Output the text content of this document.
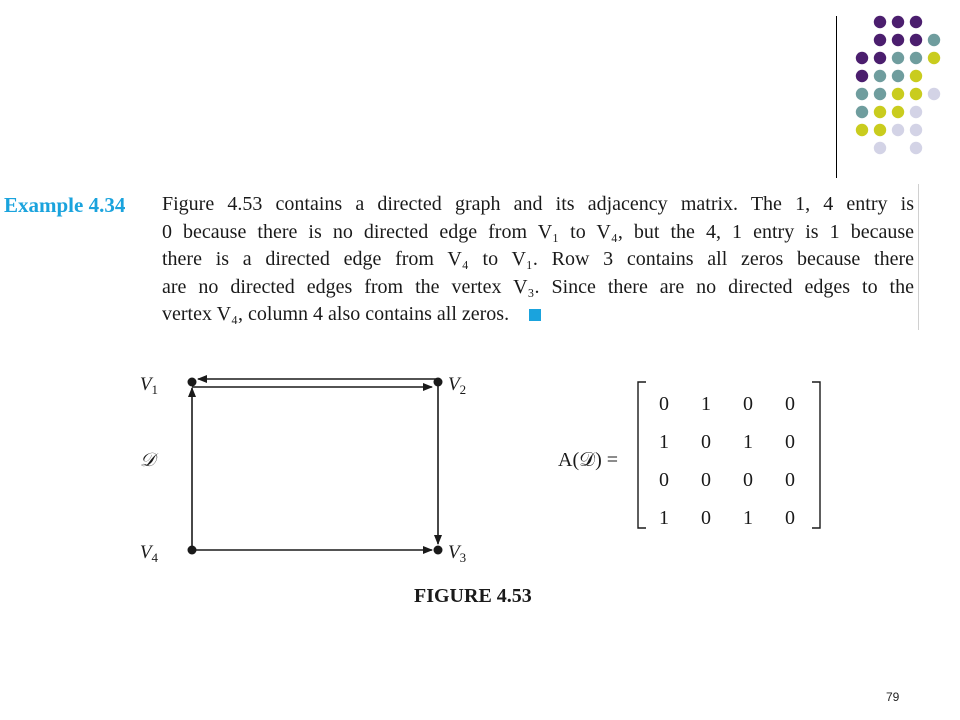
Example 4.34 Figure 4.53 contains a directed graph and its adjacency matrix. The 1, 4 entry is
0 because there is no directed edge from V₁ to V₄, but the 4, 1 entry is 1 because
there is a directed edge from V₄ to V₁. Row 3 contains all zeros because there
are no directed edges from the vertex V₃. Since there are no directed edges to the
vertex V₄, column 4 also contains all zeros.

$V_1$	$V_2$
$V_3$
$V_4$
𝒟	A(𝒟) =
0 1 0 0
1 0 1 0
0 0 0 0
1 0 1 0
FIGURE 4.53
79
